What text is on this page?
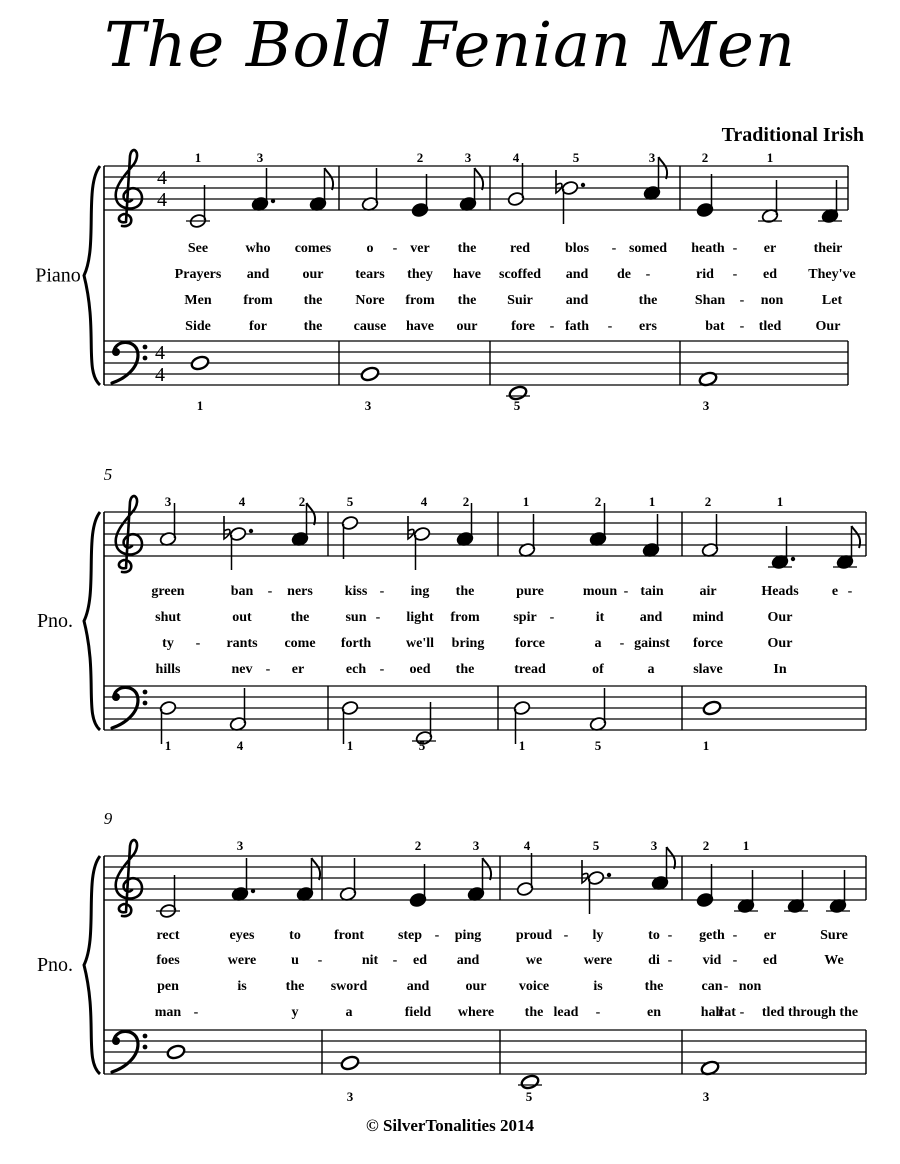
The Bold Fenian Men
Traditional Irish
Piano
4
4
4
4
Pno.
5
Pno.
9
1	3	2	3	4	5	3	2	1
1	3	5	3
See	who comes	o - ver the red blos - somed heath - er	their
Prayers and our tears they have scoffed and de -	rid - ed They've
Men from the Nore from the Suir and	the	Shan - non	Let
Side	for	the cause have our fore - fath - ers	bat - tled Our
3	4	2	5	4	2	1	2	1	2	1
1	4	1	5	1	5	1
green	ban - ners kiss - ing the	pure	moun - tain	air	Heads e -
shut	out	the	sun - light from spir -	it	and mind	Our
ty - rants come forth we'll bring force	a - gainst force	Our
hills	nev - er	ech - oed the	tread	of	a	slave	In
3	2	3	4	5	3	2	1
3	5	3
rect	eyes to front step - ping proud - ly	to - geth - er	Sure
foes	were u -	nit - ed and	we	were	di - vid - ed	We
pen	is	the sword	and	our voice	is	the	can - non
man -	y	a	field where the lead -	en	hall
rat - tled through the
© SilverTonalities 2014
